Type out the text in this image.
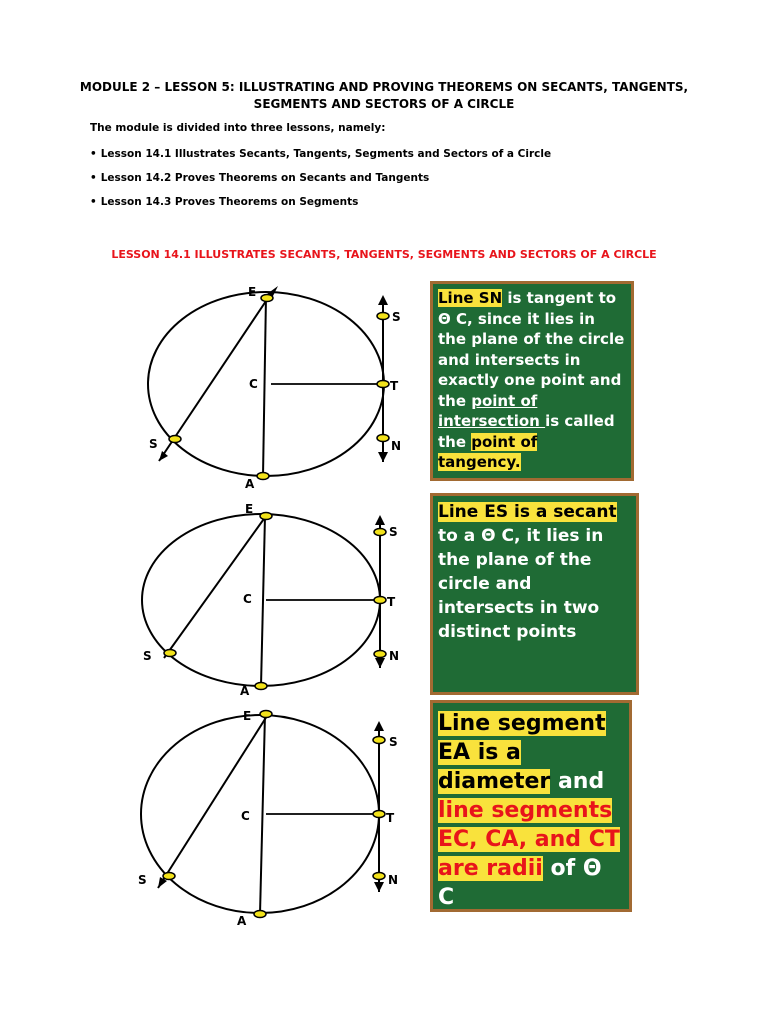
MODULE 2 – LESSON 5: ILLUSTRATING AND PROVING THEOREMS ON SECANTS, TANGENTS,
SEGMENTS AND SECTORS OF A CIRCLE
The module is divided into three lessons, namely:
• Lesson 14.1 Illustrates Secants, Tangents, Segments and Sectors of a Circle
• Lesson 14.2 Proves Theorems on Secants and Tangents
• Lesson 14.3 Proves Theorems on Segments
LESSON 14.1 ILLUSTRATES SECANTS, TANGENTS, SEGMENTS AND SECTORS OF A CIRCLE
E
C
S
A
T
S
N
E
C
S
A
T
S
N
E
C
S
A
T
S
N

Line SN is tangent to Θ C, since it lies in the plane of the circle and intersects in exactly one point and the point of intersection is called the point of tangency.

Line ES is a secant to a Θ C, it lies in the plane of the circle and intersects in two distinct points

Line segment EA is a diameter and line segments EC, CA, and CT are radii of Θ C
